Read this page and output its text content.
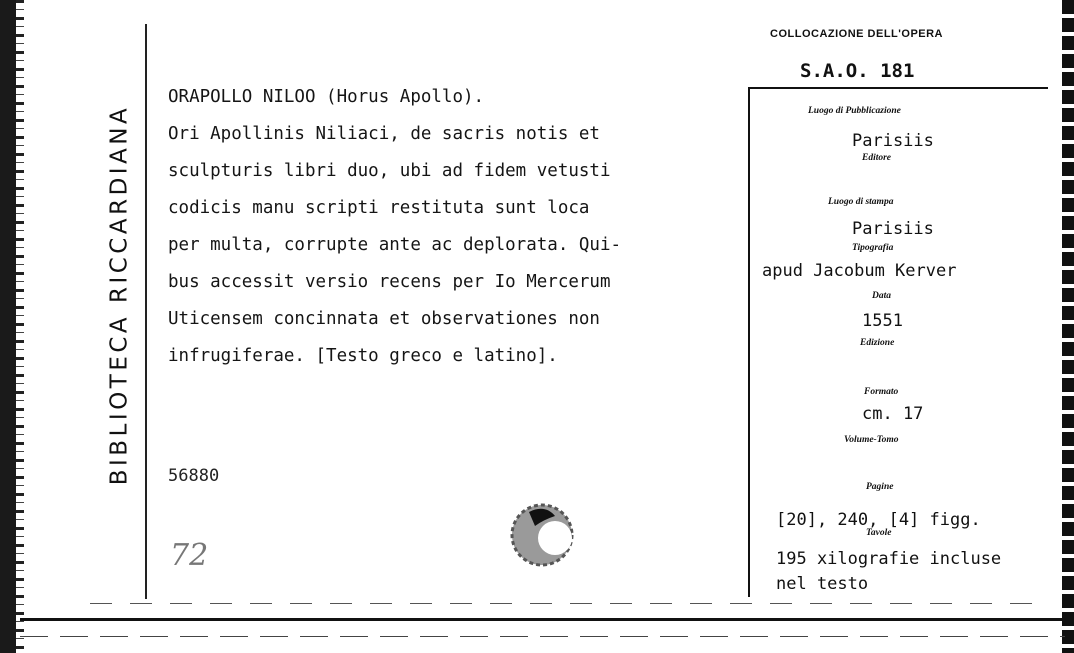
BIBLIOTECA RICCARDIANA
ORAPOLLO NILOO (Horus Apollo).
Ori Apollinis Niliaci, de sacris notis et
sculpturis libri duo, ubi ad fidem vetusti
codicis manu scripti restituta sunt loca
per multa, corrupte ante ac deplorata. Qui-
bus accessit versio recens per Io Mercerum
Uticensem concinnata et observationes non
infrugiferae. [Testo greco e latino].
56880
72
COLLOCAZIONE DELL'OPERA
S.A.O. 181
Luogo di Pubblicazione
Parisiis
Editore
Luogo di stampa
Parisiis
Tipografia
apud Jacobum Kerver
Data
1551
Edizione
Formato
cm. 17
Volume-Tomo
Pagine
[20], 240, [4] figg.
Tavole
195 xilografie incluse
nel testo
